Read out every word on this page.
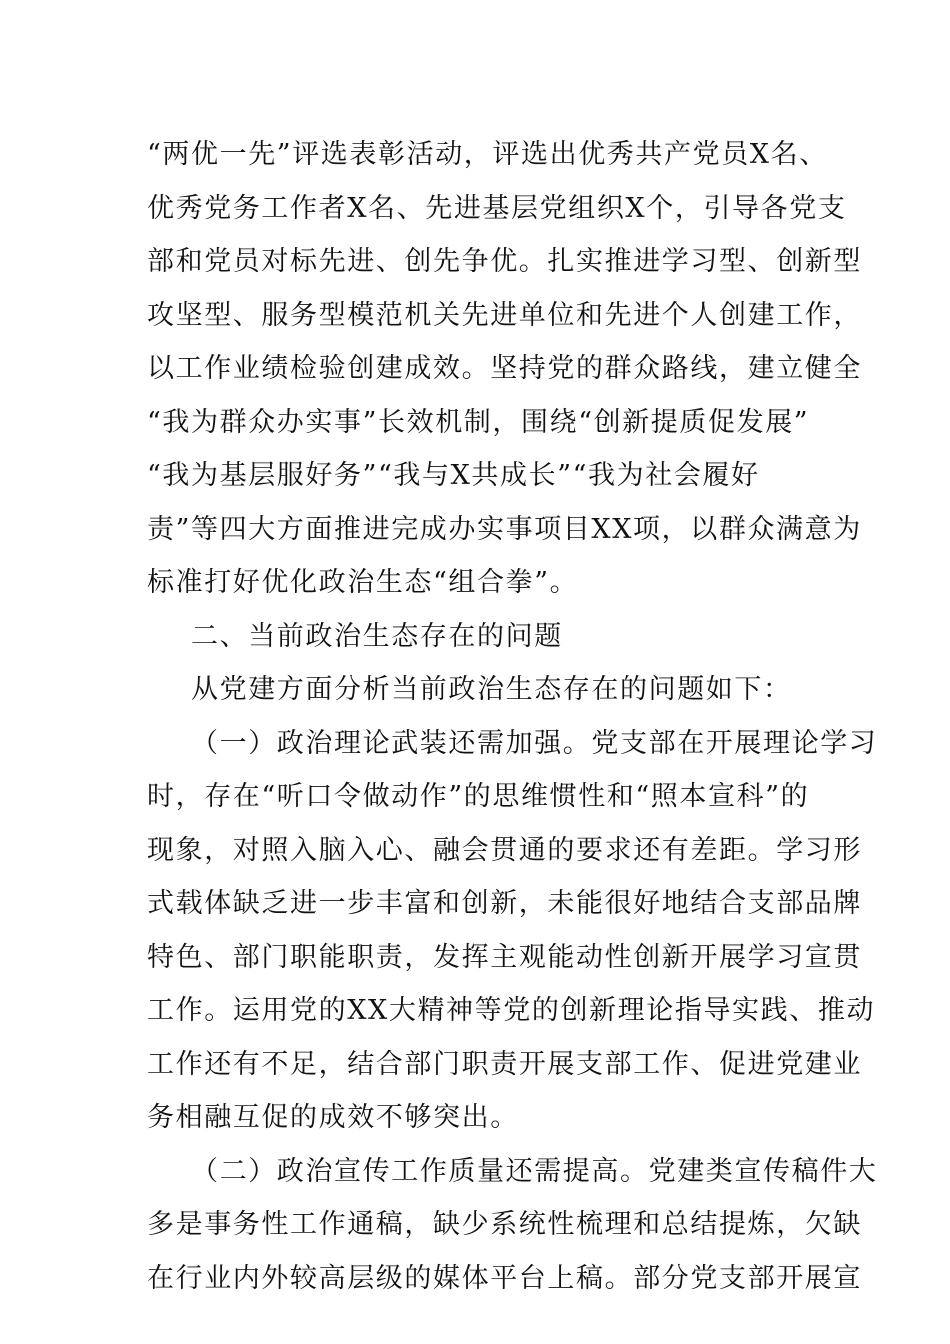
“两优一先”评选表彰活动，评选出优秀共产党员X名、
优秀党务工作者X名、先进基层党组织X个，引导各党支
部和党员对标先进、创先争优。扎实推进学习型、创新型
攻坚型、服务型模范机关先进单位和先进个人创建工作，
以工作业绩检验创建成效。坚持党的群众路线，建立健全
“我为群众办实事”长效机制，围绕“创新提质促发展”
“我为基层服好务”“我与X共成长”“我为社会履好
责”等四大方面推进完成办实事项目XX项，以群众满意为
标准打好优化政治生态“组合拳”。
二、当前政治生态存在的问题
从党建方面分析当前政治生态存在的问题如下：
（一）政治理论武装还需加强。党支部在开展理论学习
时，存在“听口令做动作”的思维惯性和“照本宣科”的
现象，对照入脑入心、融会贯通的要求还有差距。学习形
式载体缺乏进一步丰富和创新，未能很好地结合支部品牌
特色、部门职能职责，发挥主观能动性创新开展学习宣贯
工作。运用党的XX大精神等党的创新理论指导实践、推动
工作还有不足，结合部门职责开展支部工作、促进党建业
务相融互促的成效不够突出。
（二）政治宣传工作质量还需提高。党建类宣传稿件大
多是事务性工作通稿，缺少系统性梳理和总结提炼，欠缺
在行业内外较高层级的媒体平台上稿。部分党支部开展宣
